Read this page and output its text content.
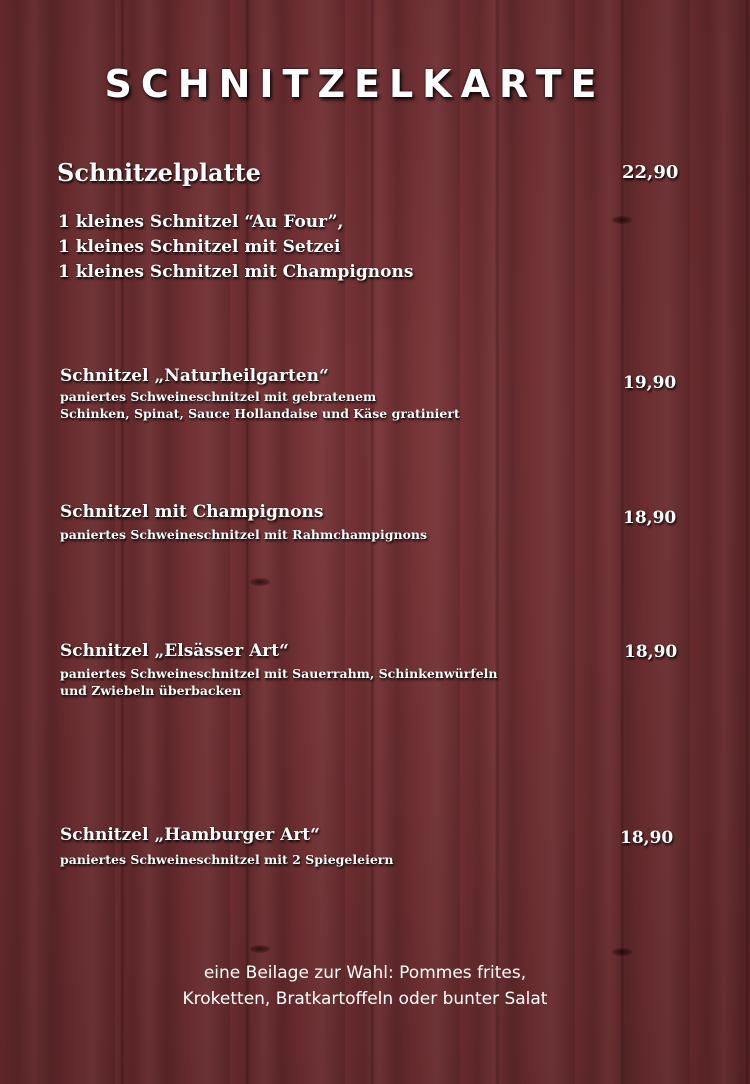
SCHNITZELKARTE
Schnitzelplatte	22,90
1 kleines Schnitzel “Au Four”,
1 kleines Schnitzel mit Setzei
1 kleines Schnitzel mit Champignons
Schnitzel „Naturheilgarten“
paniertes Schweineschnitzel mit gebratenem
Schinken, Spinat, Sauce Hollandaise und Käse gratiniert
19,90
Schnitzel mit Champignons
paniertes Schweineschnitzel mit Rahmchampignons
18,90
Schnitzel „Elsässer Art“
paniertes Schweineschnitzel mit Sauerrahm, Schinkenwürfeln
und Zwiebeln überbacken
18,90
Schnitzel „Hamburger Art“
paniertes Schweineschnitzel mit 2 Spiegeleiern
18,90
eine Beilage zur Wahl: Pommes frites,
Kroketten, Bratkartoffeln oder bunter Salat
